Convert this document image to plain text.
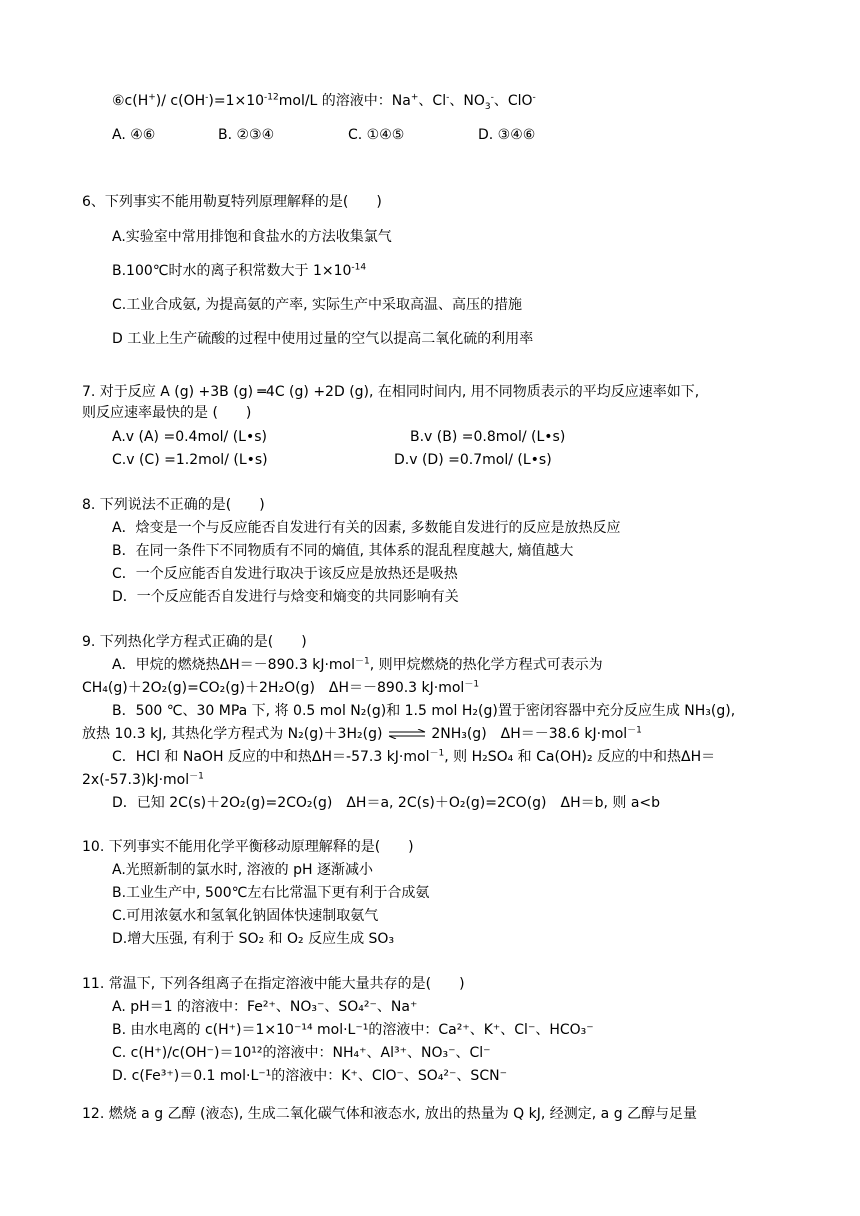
⑥c(H+)/ $c(OH^-)=1\times 10^{-12}mol/L$ 的溶液中：Na+、Cl-、$NO_3^-$、ClO-
A. ④⑥	B. ②③④	C. ①④⑤	D. ③④⑥
6、下列事实不能用勒夏特列原理解释的是(　　)
A.实验室中常用排饱和食盐水的方法收集氯气
B.100℃时水的离子积常数大于 $1\times 10^{-14}$
C.工业合成氨, 为提高氨的产率, 实际生产中采取高温、高压的措施
D 工业上生产硫酸的过程中使用过量的空气以提高二氧化硫的利用率
7. 对于反应 A (g) +3B (g) ═4C (g) +2D (g), 在相同时间内, 用不同物质表示的平均反应速率如下,
则反应速率最快的是 (　　)
A.v (A) =0.4mol/ (L•s)	B.v (B) =0.8mol/ (L•s)
C.v (C) =1.2mol/ (L•s)	D.v (D) =0.7mol/ (L•s)
8. 下列说法不正确的是(　　)
A．焓变是一个与反应能否自发进行有关的因素, 多数能自发进行的反应是放热反应
B．在同一条件下不同物质有不同的熵值, 其体系的混乱程度越大, 熵值越大
C．一个反应能否自发进行取决于该反应是放热还是吸热
D．一个反应能否自发进行与焓变和熵变的共同影响有关
9. 下列热化学方程式正确的是(　　)
A．甲烷的燃烧热ΔH＝－890.3 kJ·mol$^{-1}$, 则甲烷燃烧的热化学方程式可表示为
CH₄(g)＋2O₂(g)=CO₂(g)＋2H₂O(g)　ΔH＝－890.3 kJ·mol$^{-1}$
B．500 ℃、30 MPa 下, 将 0.5 mol N₂(g)和 1.5 mol H₂(g)置于密闭容器中充分反应生成 NH₃(g),
放热 10.3 kJ, 其热化学方程式为 N₂(g)＋3H₂(g) ⇌ 2NH₃(g)　ΔH＝－38.6 kJ·mol$^{-1}$
C．HCl 和 NaOH 反应的中和热ΔH＝-57.3 kJ·mol$^{-1}$, 则 H₂SO₄ 和 Ca(OH)₂ 反应的中和热ΔH＝
2x(-57.3)kJ·mol$^{-1}$
D．已知 2C(s)＋2O₂(g)=2CO₂(g)　ΔH＝a, 2C(s)＋O₂(g)=2CO(g)　ΔH＝b, 则 a<b
10. 下列事实不能用化学平衡移动原理解释的是(　　)
A.光照新制的氯水时, 溶液的 pH 逐渐减小
B.工业生产中, 500℃左右比常温下更有利于合成氨
C.可用浓氨水和氢氧化钠固体快速制取氨气
D.增大压强, 有利于 SO₂ 和 O₂ 反应生成 SO₃
11. 常温下, 下列各组离子在指定溶液中能大量共存的是(　　)
A. pH＝1 的溶液中：Fe²⁺、NO₃⁻、SO₄²⁻、Na⁺
B. 由水电离的 c(H⁺)＝1×10⁻¹⁴ mol·L⁻¹的溶液中：Ca²⁺、K⁺、Cl⁻、HCO₃⁻
C. c(H⁺)/c(OH⁻)＝10¹²的溶液中：NH₄⁺、Al³⁺、NO₃⁻、Cl⁻
D. c(Fe³⁺)＝0.1 mol·L⁻¹的溶液中：K⁺、ClO⁻、SO₄²⁻、SCN⁻
12. 燃烧 a g 乙醇 (液态), 生成二氧化碳气体和液态水, 放出的热量为 Q kJ, 经测定, a g 乙醇与足量
